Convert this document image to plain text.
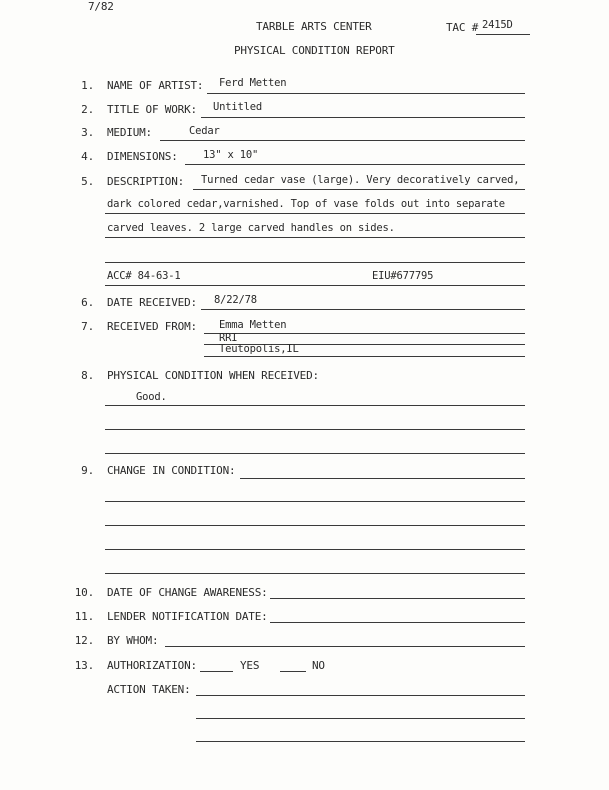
7/82
TARBLE ARTS CENTER	TAC # 2415D
PHYSICAL CONDITION REPORT
1. NAME OF ARTIST: Ferd Metten
2. TITLE OF WORK: Untitled
3. MEDIUM:	Cedar
4. DIMENSIONS: 13" x 10"
5. DESCRIPTION: Turned cedar vase (large). Very decoratively carved,
dark colored cedar,varnished. Top of vase folds out into separate
carved leaves. 2 large carved handles on sides.
ACC# 84-63-1	EIU#677795
6. DATE RECEIVED: 8/22/78
7. RECEIVED FROM: Emma Metten
RRI
Teutopolis,IL
8. PHYSICAL CONDITION WHEN RECEIVED:
Good.
9. CHANGE IN CONDITION:
10. DATE OF CHANGE AWARENESS:
11. LENDER NOTIFICATION DATE:
12. BY WHOM:
13. AUTHORIZATION:	YES	NO
ACTION TAKEN:
